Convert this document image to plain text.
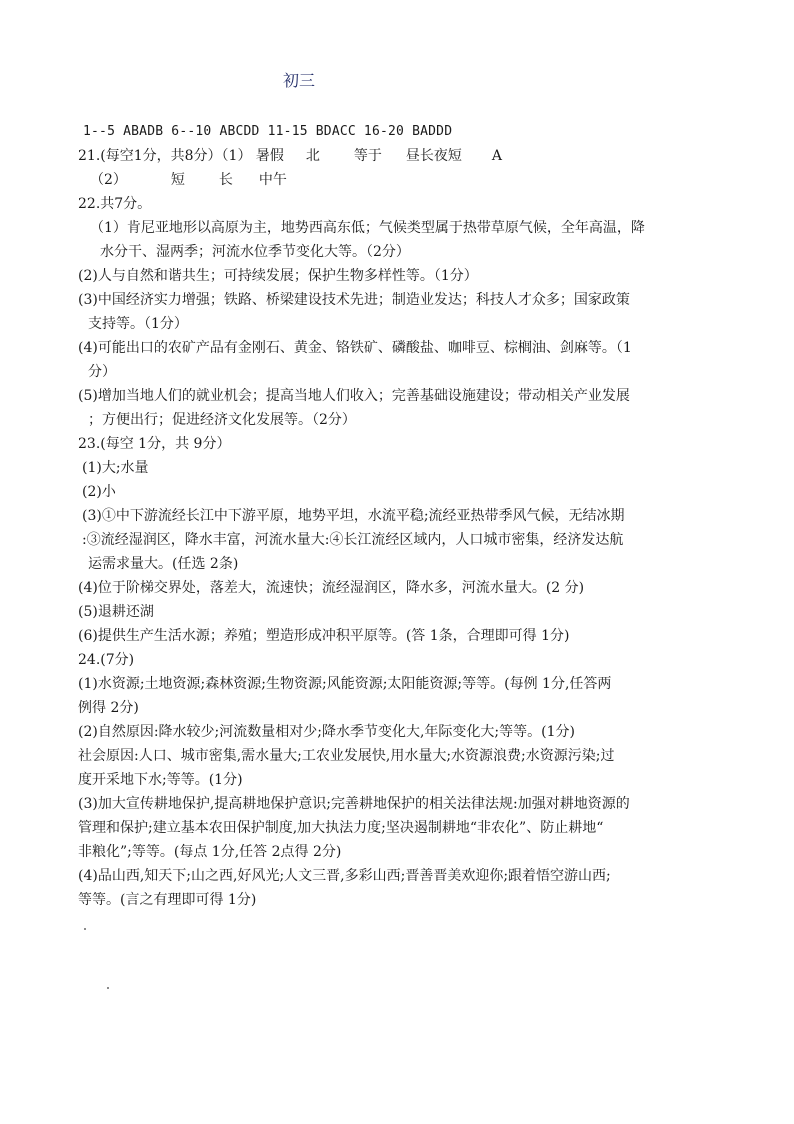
初三
1--5 ABADB 6--10 ABCDD 11-15 BDACC 16-20 BADDD
21.(每空1分，共8分）（1） 暑假 北 等于 昼长夜短 A
（2）	短 长 中午
22.共7分。
（1）肯尼亚地形以高原为主，地势西高东低；气候类型属于热带草原气候，全年高温，降
水分干、湿两季；河流水位季节变化大等。（2分）
(2)人与自然和谐共生；可持续发展；保护生物多样性等。（1分）
(3)中国经济实力增强；铁路、桥梁建设技术先进；制造业发达；科技人才众多；国家政策
支持等。（1分）
(4)可能出口的农矿产品有金刚石、黄金、铬铁矿、磷酸盐、咖啡豆、棕榈油、剑麻等。（1
分）
(5)增加当地人们的就业机会；提高当地人们收入；完善基础设施建设；带动相关产业发展
；方便出行；促进经济文化发展等。（2分）
23.(每空 1分，共 9分）
(1)大;水量
(2)小
(3)①中下游流经长江中下游平原，地势平坦，水流平稳;流经亚热带季风气候，无结冰期
:③流经湿润区，降水丰富，河流水量大:④长江流经区域内，人口城市密集，经济发达航
运需求量大。(任选 2条)
(4)位于阶梯交界处，落差大，流速快；流经湿润区，降水多，河流水量大。(2 分)
(5)退耕还湖
(6)提供生产生活水源；养殖；塑造形成冲积平原等。(答 1条，合理即可得 1分)
24.(7分)
(1)水资源;土地资源;森林资源;生物资源;风能资源;太阳能资源;等等。(每例 1分,任答两
例得 2分)
(2)自然原因:降水较少;河流数量相对少;降水季节变化大,年际变化大;等等。(1分)
社会原因:人口、城市密集,需水量大;工农业发展快,用水量大;水资源浪费;水资源污染;过
度开采地下水;等等。(1分)
(3)加大宣传耕地保护,提高耕地保护意识;完善耕地保护的相关法律法规:加强对耕地资源的
管理和保护;建立基本农田保护制度,加大执法力度;坚决遏制耕地“非农化”、防止耕地“
非粮化”;等等。(每点 1分,任答 2点得 2分)
(4)品山西,知天下;山之西,好风光;人文三晋,多彩山西;晋善晋美欢迎你;跟着悟空游山西;
等等。(言之有理即可得 1分)
